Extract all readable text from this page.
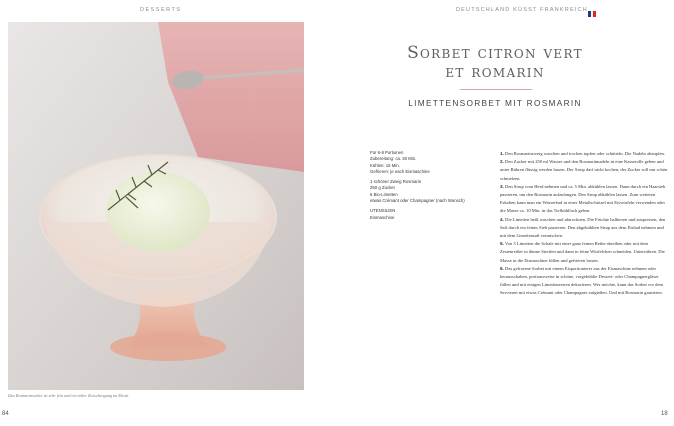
DESSERTS	DEUTSCHLAND KÜSST FRANKREICH
Das Rosmarinsorbet ist sehr fein und ein toller Zwischengang im Menü.
84	18
Sorbet citron vert
et romarin
LIMETTENSORBET MIT ROSMARIN
Für 6-8 Portionen
Zubereitung: ca. 30 Min.
Kühlen: 15 Min.
Gefrieren: je nach Eismaschine
1 schöner Zweig Rosmarin
250 g Zucker
6 Bio-Limetten
etwas Crémant oder Champagner (nach Wunsch)
UTENSILIEN
Eismaschine

1. Den Rosmarinzweig waschen und trocken tupfen oder schütteln. Die Nadeln abzupfen.

2. Den Zucker mit 250 ml Wasser und den Rosmarinnadeln in eine Kasserolle geben und unter Rühren flüssig werden lassen. Der Sirup darf nicht kochen, der Zucker soll nur schön schmelzen.

3. Den Sirup vom Herd nehmen und ca. 5 Min. abkühlen lassen. Dann durch ein Haarsieb passieren, um den Rosmarin aufzufangen. Den Sirup abkühlen lassen. Zum weiteren Erkalten kann man ein Wasserbad in einer Metallschüssel mit Eiswürfeln verwenden oder die Masse ca. 10 Min. in das Tiefkühlfach geben.

4. Die Limetten heiß waschen und abtrocknen. Die Früchte halbieren und auspressen, den Saft durch ein feines Sieb passieren. Den abgekühlten Sirup aus dem Eisbad nehmen und mit dem Limettensaft vermischen.

5. Von 3 Limetten die Schale mit einer ganz feinen Reibe abreiben oder mit dem Zestenreißer in dünne Streifen und dann in feine Würfelchen schneiden. Unterrühren. Die Masse in die Eismaschine füllen und gefrieren lassen.

6. Das gefrorene Sorbet mit einem Eisportionierer aus der Eismaschine nehmen oder herausschaben, portionsweise in schöne, vorgekühlte Dessert- oder Champagnergläser füllen und mit einigen Limettenzesten dekorieren. Wer möchte, kann das Sorbet vor dem Servieren mit etwas Crémant oder Champagner aufgießen. Und mit Rosmarin garnieren.
